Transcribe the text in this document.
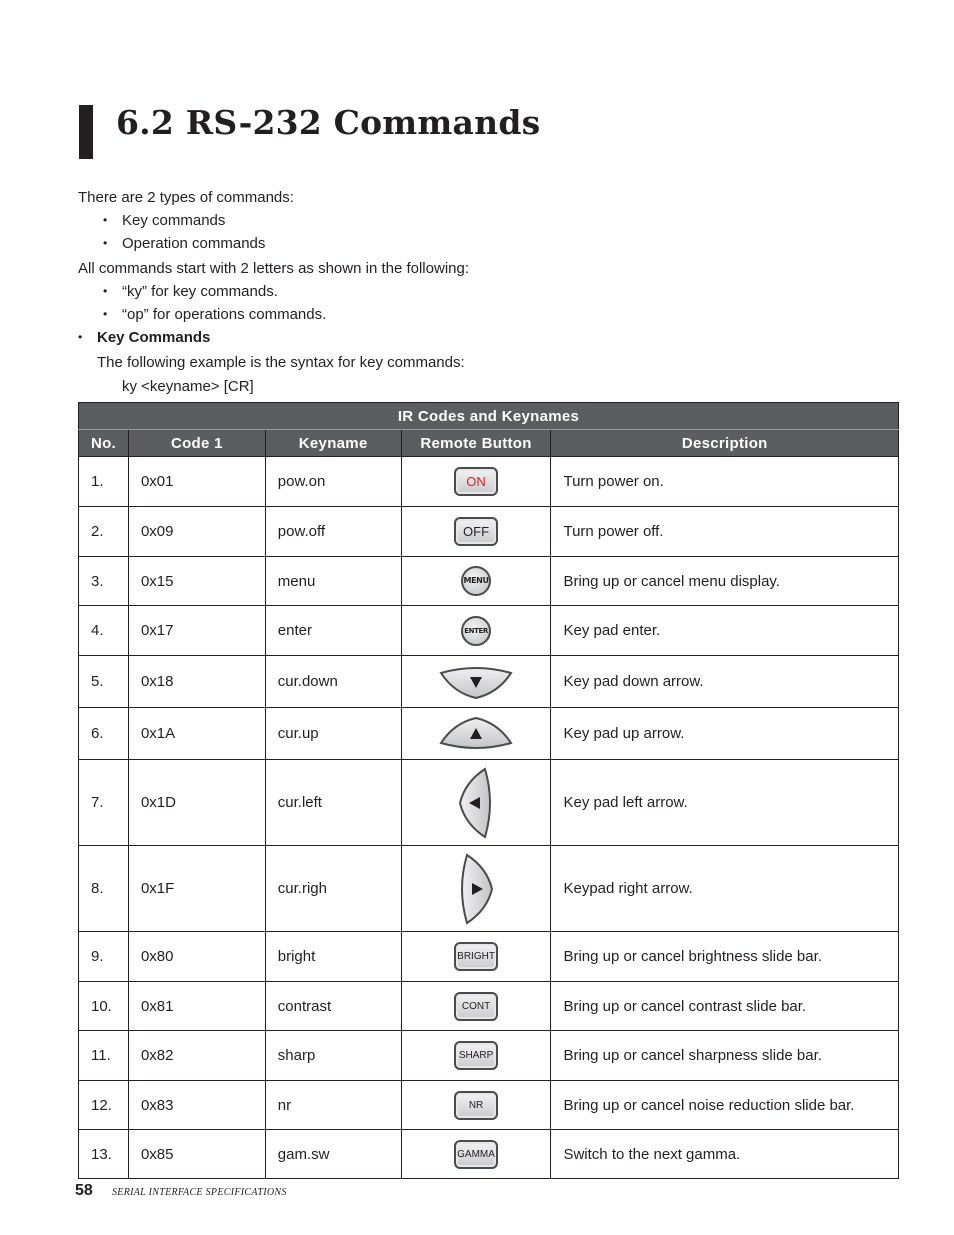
6.2 RS-232 Commands

There are 2 types of commands:

• Key commands
• Operation commands

All commands start with 2 letters as shown in the following:

• “ky” for key commands.
• “op” for operations commands.

• Key Commands

The following example is the syntax for key commands:

ky <keyname> [CR]

IR Codes and Keynames				
No.	Code 1	Keyname	Remote Button	Description
1.	0x01	pow.on	ON	Turn power on.
2.	0x09	pow.off	OFF	Turn power off.
3.	0x15	menu	MENU	Bring up or cancel menu display.
4.	0x17	enter	ENTER	Key pad enter.
5.	0x18	cur.down		Key pad down arrow.
6.	0x1A	cur.up		Key pad up arrow.
7.	0x1D	cur.left		Key pad left arrow.
8.	0x1F	cur.righ		Keypad right arrow.
9.	0x80	bright	BRIGHT	Bring up or cancel brightness slide bar.
10.	0x81	contrast	CONT	Bring up or cancel contrast slide bar.
11.	0x82	sharp	SHARP	Bring up or cancel sharpness slide bar.
12.	0x83	nr	NR	Bring up or cancel noise reduction slide bar.
13.	0x85	gam.sw	GAMMA	Switch to the next gamma.
58 SERIAL INTERFACE SPECIFICATIONS
